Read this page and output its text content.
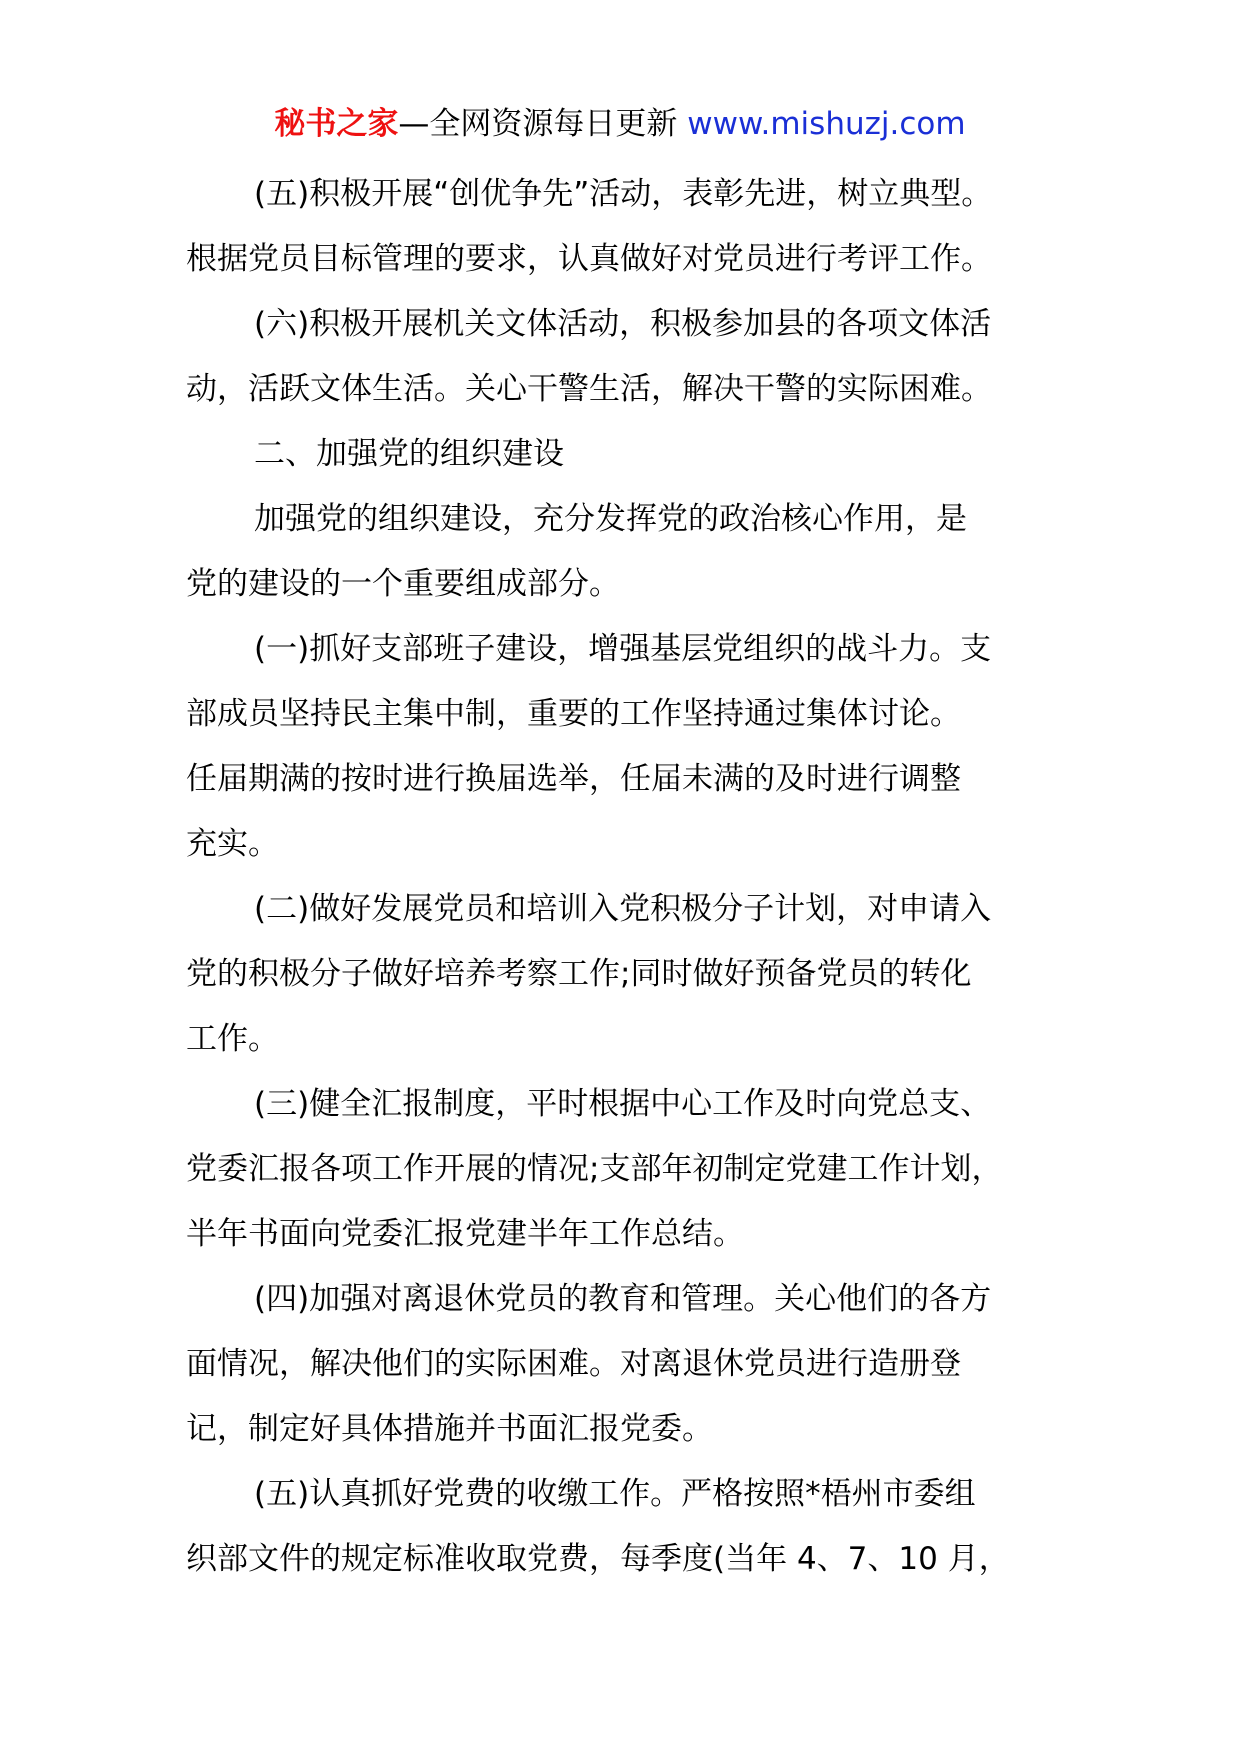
秘书之家—全网资源每日更新 www.mishuzj.com
(五)积极开展“创优争先”活动，表彰先进，树立典型。
根据党员目标管理的要求，认真做好对党员进行考评工作。
(六)积极开展机关文体活动，积极参加县的各项文体活
动，活跃文体生活。关心干警生活，解决干警的实际困难。
二、加强党的组织建设
加强党的组织建设，充分发挥党的政治核心作用，是
党的建设的一个重要组成部分。
(一)抓好支部班子建设，增强基层党组织的战斗力。支
部成员坚持民主集中制，重要的工作坚持通过集体讨论。
任届期满的按时进行换届选举，任届未满的及时进行调整
充实。
(二)做好发展党员和培训入党积极分子计划，对申请入
党的积极分子做好培养考察工作;同时做好预备党员的转化
工作。
(三)健全汇报制度，平时根据中心工作及时向党总支、
党委汇报各项工作开展的情况;支部年初制定党建工作计划，
半年书面向党委汇报党建半年工作总结。
(四)加强对离退休党员的教育和管理。关心他们的各方
面情况，解决他们的实际困难。对离退休党员进行造册登
记，制定好具体措施并书面汇报党委。
(五)认真抓好党费的收缴工作。严格按照*梧州市委组
织部文件的规定标准收取党费，每季度(当年 4、7、10 月，
